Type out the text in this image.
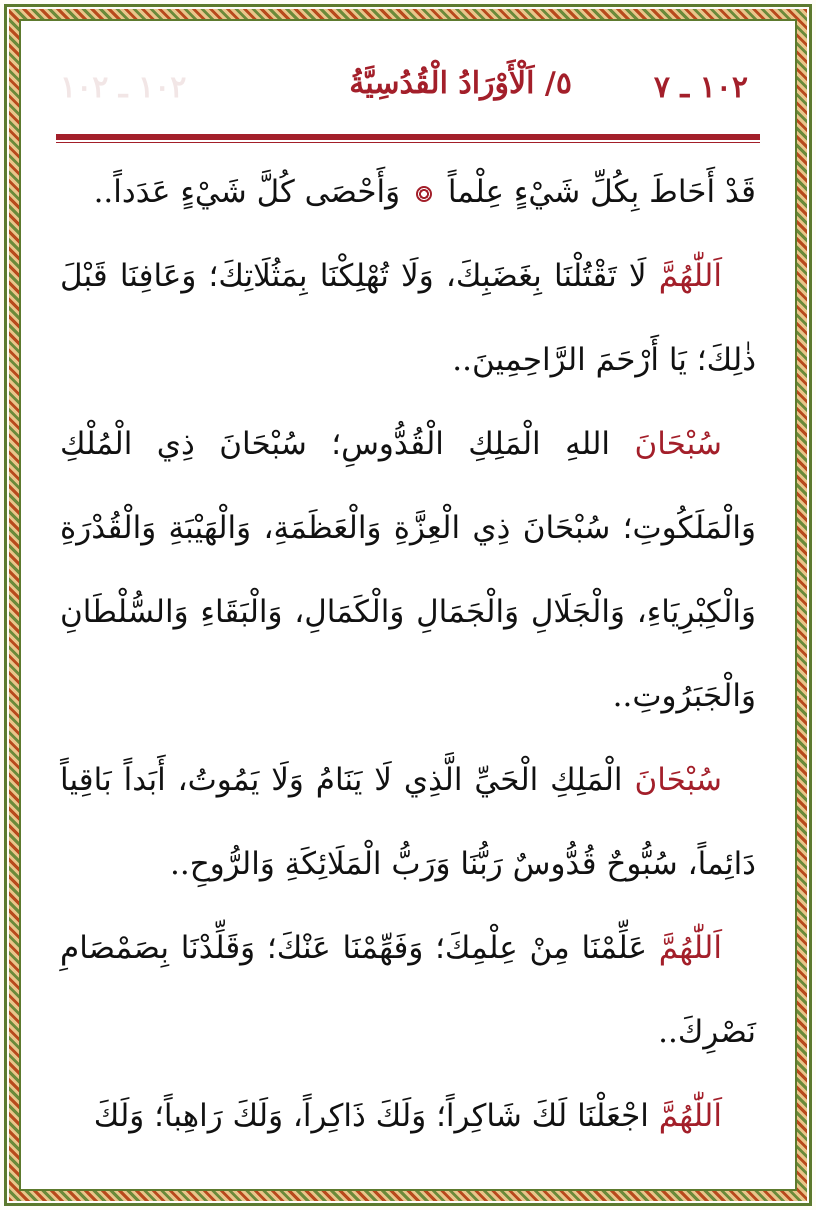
١٠٢ ـ ٧
٥/ اَلْأَوْرَادُ الْقُدُسِيَّةُ
١٠٢ ـ ١٠٢

قَدْ أَحَاطَ بِكُلِّ شَيْءٍ عِلْماً  وَأَحْصَى كُلَّ شَيْءٍ عَدَداً..

اَللّٰهُمَّ لَا تَقْتُلْنَا بِغَضَبِكَ، وَلَا تُهْلِكْنَا بِمَثُلَاتِكَ؛ وَعَافِنَا قَبْلَ ذٰلِكَ؛ يَا أَرْحَمَ الرَّاحِمِينَ..

سُبْحَانَ اللهِ الْمَلِكِ الْقُدُّوسِ؛ سُبْحَانَ ذِي الْمُلْكِ وَالْمَلَكُوتِ؛ سُبْحَانَ ذِي الْعِزَّةِ وَالْعَظَمَةِ، وَالْهَيْبَةِ وَالْقُدْرَةِ وَالْكِبْرِيَاءِ، وَالْجَلَالِ وَالْجَمَالِ وَالْكَمَالِ، وَالْبَقَاءِ وَالسُّلْطَانِ وَالْجَبَرُوتِ..

سُبْحَانَ الْمَلِكِ الْحَيِّ الَّذِي لَا يَنَامُ وَلَا يَمُوتُ، أَبَداً بَاقِياً دَائِماً، سُبُّوحٌ قُدُّوسٌ رَبُّنَا وَرَبُّ الْمَلَائِكَةِ وَالرُّوحِ..

اَللّٰهُمَّ عَلِّمْنَا مِنْ عِلْمِكَ؛ وَفَهِّمْنَا عَنْكَ؛ وَقَلِّدْنَا بِصَمْصَامِ نَصْرِكَ..

اَللّٰهُمَّ اجْعَلْنَا لَكَ شَاكِراً؛ وَلَكَ ذَاكِراً، وَلَكَ رَاهِباً؛ وَلَكَ
